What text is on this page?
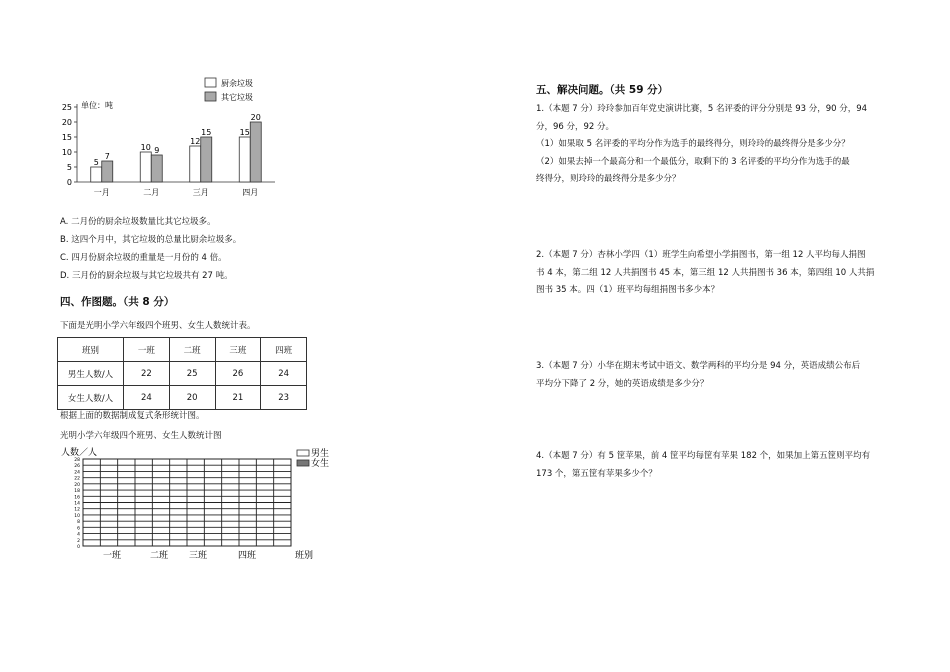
厨余垃圾
其它垃圾
单位：吨
0
5
10
15
20
25
5
7
一月
10 9
二月
12
15
三月
15
20
四月
A. 二月份的厨余垃圾数量比其它垃圾多。
B. 这四个月中，其它垃圾的总量比厨余垃圾多。
C. 四月份厨余垃圾的重量是一月份的 4 倍。
D. 三月份的厨余垃圾与其它垃圾共有 27 吨。
四、作图题。（共 8 分）
下面是光明小学六年级四个班男、女生人数统计表。
班别	一班	二班	三班	四班
男生人数/人	22	25	26	24
女生人数/人	24	20	21	23
根据上面的数据制成复式条形统计图。
光明小学六年级四个班男、女生人数统计图
人数／人	男生
女生
0
2
4
6
8
10
12
14
16
18
20
22
24
26
28
一班	二班 三班	四班	班别
五、解决问题。（共 59 分）
1.（本题 7 分）玲玲参加百年党史演讲比赛，5 名评委的评分分别是 93 分，90 分，94
分，96 分，92 分。
（1）如果取 5 名评委的平均分作为选手的最终得分，则玲玲的最终得分是多少分？
（2）如果去掉一个最高分和一个最低分，取剩下的 3 名评委的平均分作为选手的最
终得分，则玲玲的最终得分是多少分？
2.（本题 7 分）杏林小学四（1）班学生向希望小学捐图书，第一组 12 人平均每人捐图
书 4 本，第二组 12 人共捐图书 45 本，第三组 12 人共捐图书 36 本，第四组 10 人共捐
图书 35 本。四（1）班平均每组捐图书多少本？
3.（本题 7 分）小华在期末考试中语文、数学两科的平均分是 94 分，英语成绩公布后
平均分下降了 2 分，她的英语成绩是多少分？
4.（本题 7 分）有 5 筐苹果，前 4 筐平均每筐有苹果 182 个，如果加上第五筐则平均有
173 个，第五筐有苹果多少个？
